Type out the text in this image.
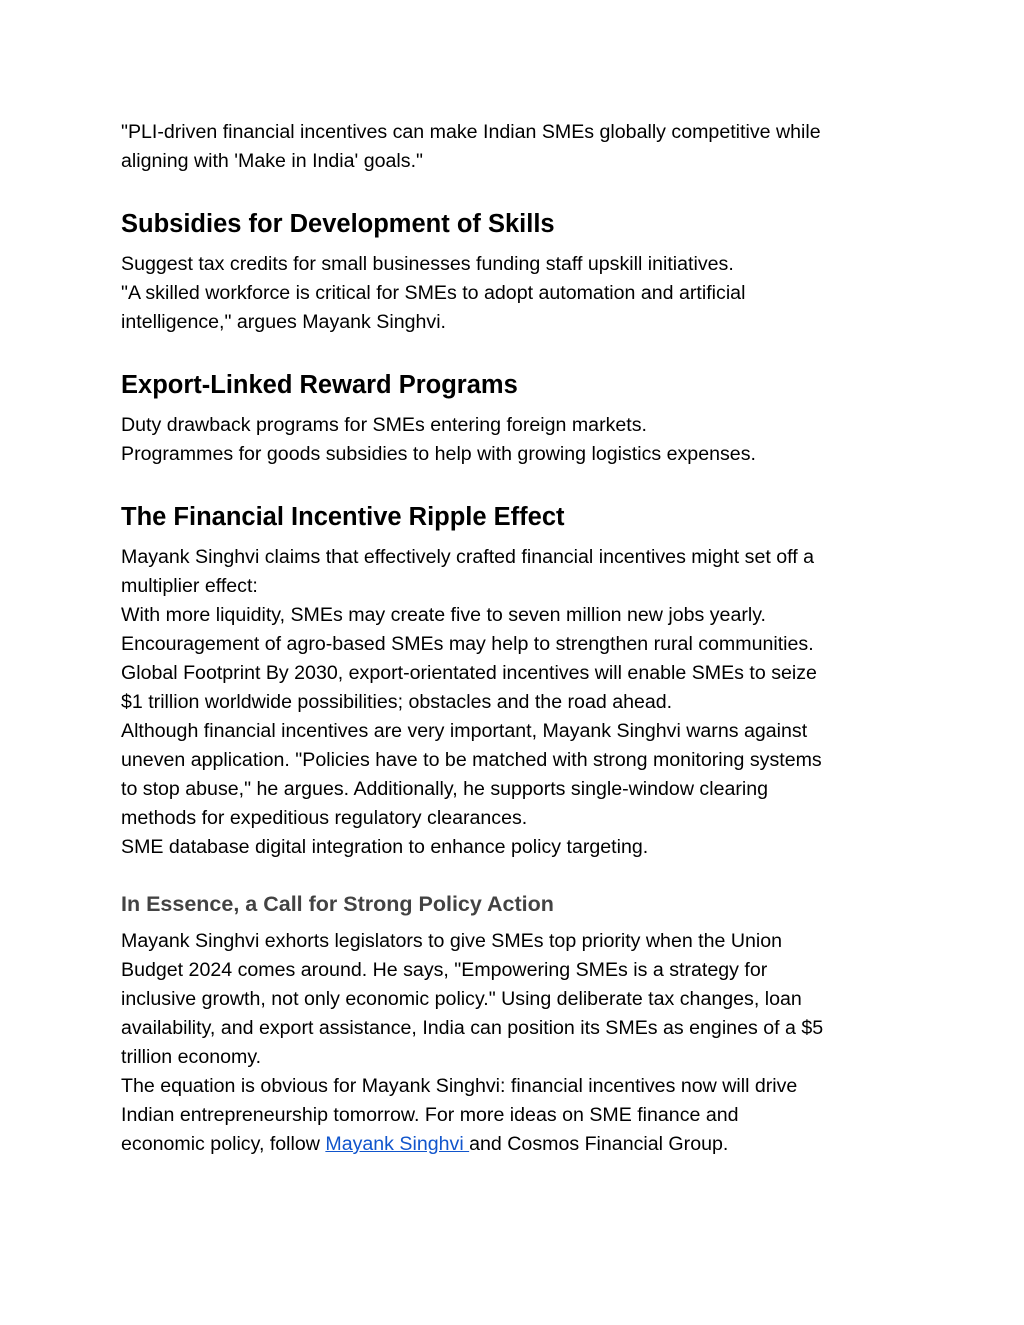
"PLI-driven financial incentives can make Indian SMEs globally competitive while
aligning with 'Make in India' goals."

Subsidies for Development of Skills

Suggest tax credits for small businesses funding staff upskill initiatives.
"A skilled workforce is critical for SMEs to adopt automation and artificial
intelligence," argues Mayank Singhvi.

Export-Linked Reward Programs

Duty drawback programs for SMEs entering foreign markets.
Programmes for goods subsidies to help with growing logistics expenses.

The Financial Incentive Ripple Effect

Mayank Singhvi claims that effectively crafted financial incentives might set off a
multiplier effect:
With more liquidity, SMEs may create five to seven million new jobs yearly.
Encouragement of agro-based SMEs may help to strengthen rural communities.
Global Footprint By 2030, export-orientated incentives will enable SMEs to seize
$1 trillion worldwide possibilities; obstacles and the road ahead.
Although financial incentives are very important, Mayank Singhvi warns against
uneven application. "Policies have to be matched with strong monitoring systems
to stop abuse," he argues. Additionally, he supports single-window clearing
methods for expeditious regulatory clearances.
SME database digital integration to enhance policy targeting.

In Essence, a Call for Strong Policy Action

Mayank Singhvi exhorts legislators to give SMEs top priority when the Union
Budget 2024 comes around. He says, "Empowering SMEs is a strategy for
inclusive growth, not only economic policy." Using deliberate tax changes, loan
availability, and export assistance, India can position its SMEs as engines of a $5
trillion economy.
The equation is obvious for Mayank Singhvi: financial incentives now will drive
Indian entrepreneurship tomorrow. For more ideas on SME finance and
economic policy, follow Mayank Singhvi and Cosmos Financial Group.
